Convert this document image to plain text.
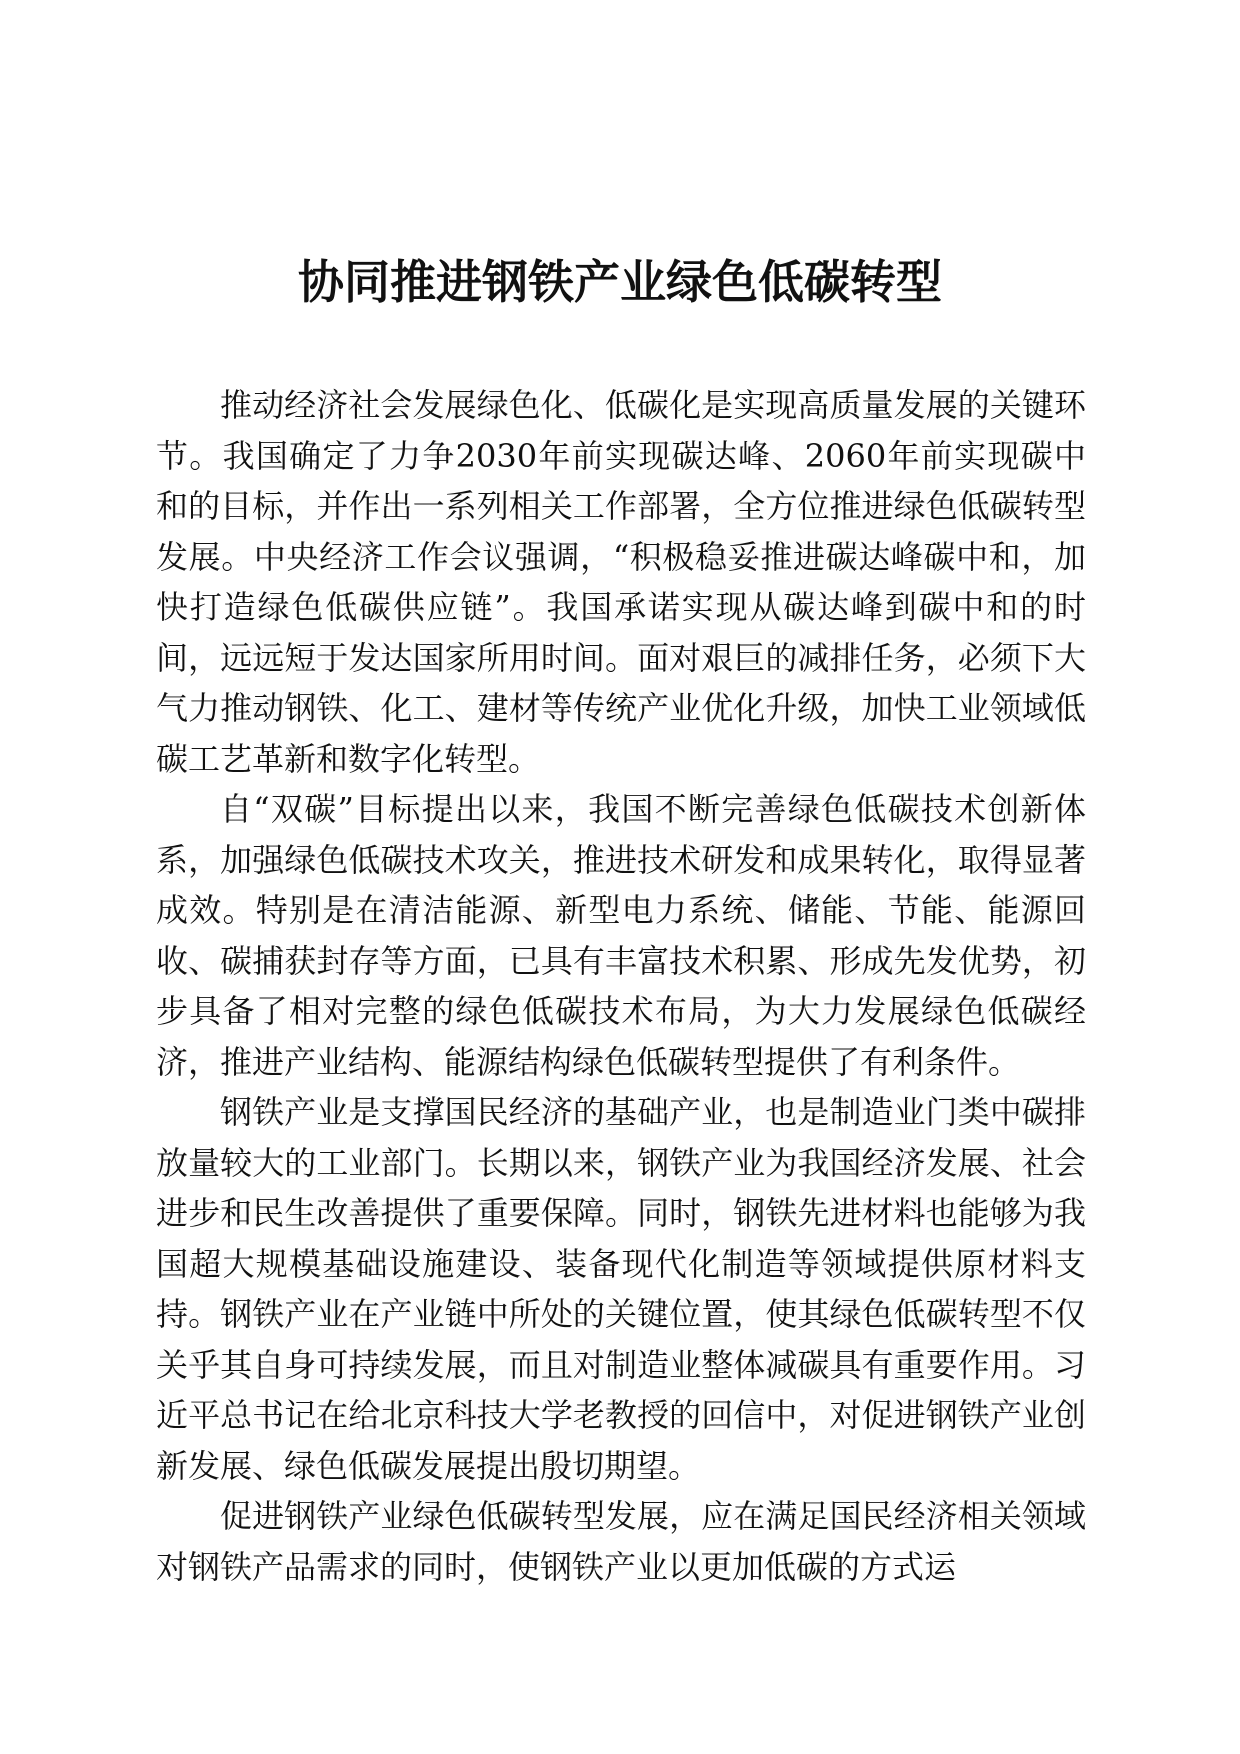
协同推进钢铁产业绿色低碳转型

推动经济社会发展绿色化、低碳化是实现高质量发展的关键环节。我国确定了力争2030年前实现碳达峰、2060年前实现碳中和的目标，并作出一系列相关工作部署，全方位推进绿色低碳转型发展。中央经济工作会议强调，“积极稳妥推进碳达峰碳中和，加快打造绿色低碳供应链”。我国承诺实现从碳达峰到碳中和的时间，远远短于发达国家所用时间。面对艰巨的减排任务，必须下大气力推动钢铁、化工、建材等传统产业优化升级，加快工业领域低碳工艺革新和数字化转型。

自“双碳”目标提出以来，我国不断完善绿色低碳技术创新体系，加强绿色低碳技术攻关，推进技术研发和成果转化，取得显著成效。特别是在清洁能源、新型电力系统、储能、节能、能源回收、碳捕获封存等方面，已具有丰富技术积累、形成先发优势，初步具备了相对完整的绿色低碳技术布局，为大力发展绿色低碳经济，推进产业结构、能源结构绿色低碳转型提供了有利条件。

钢铁产业是支撑国民经济的基础产业，也是制造业门类中碳排放量较大的工业部门。长期以来，钢铁产业为我国经济发展、社会进步和民生改善提供了重要保障。同时，钢铁先进材料也能够为我国超大规模基础设施建设、装备现代化制造等领域提供原材料支持。钢铁产业在产业链中所处的关键位置，使其绿色低碳转型不仅关乎其自身可持续发展，而且对制造业整体减碳具有重要作用。习近平总书记在给北京科技大学老教授的回信中，对促进钢铁产业创新发展、绿色低碳发展提出殷切期望。

促进钢铁产业绿色低碳转型发展，应在满足国民经济相关领域对钢铁产品需求的同时，使钢铁产业以更加低碳的方式运
